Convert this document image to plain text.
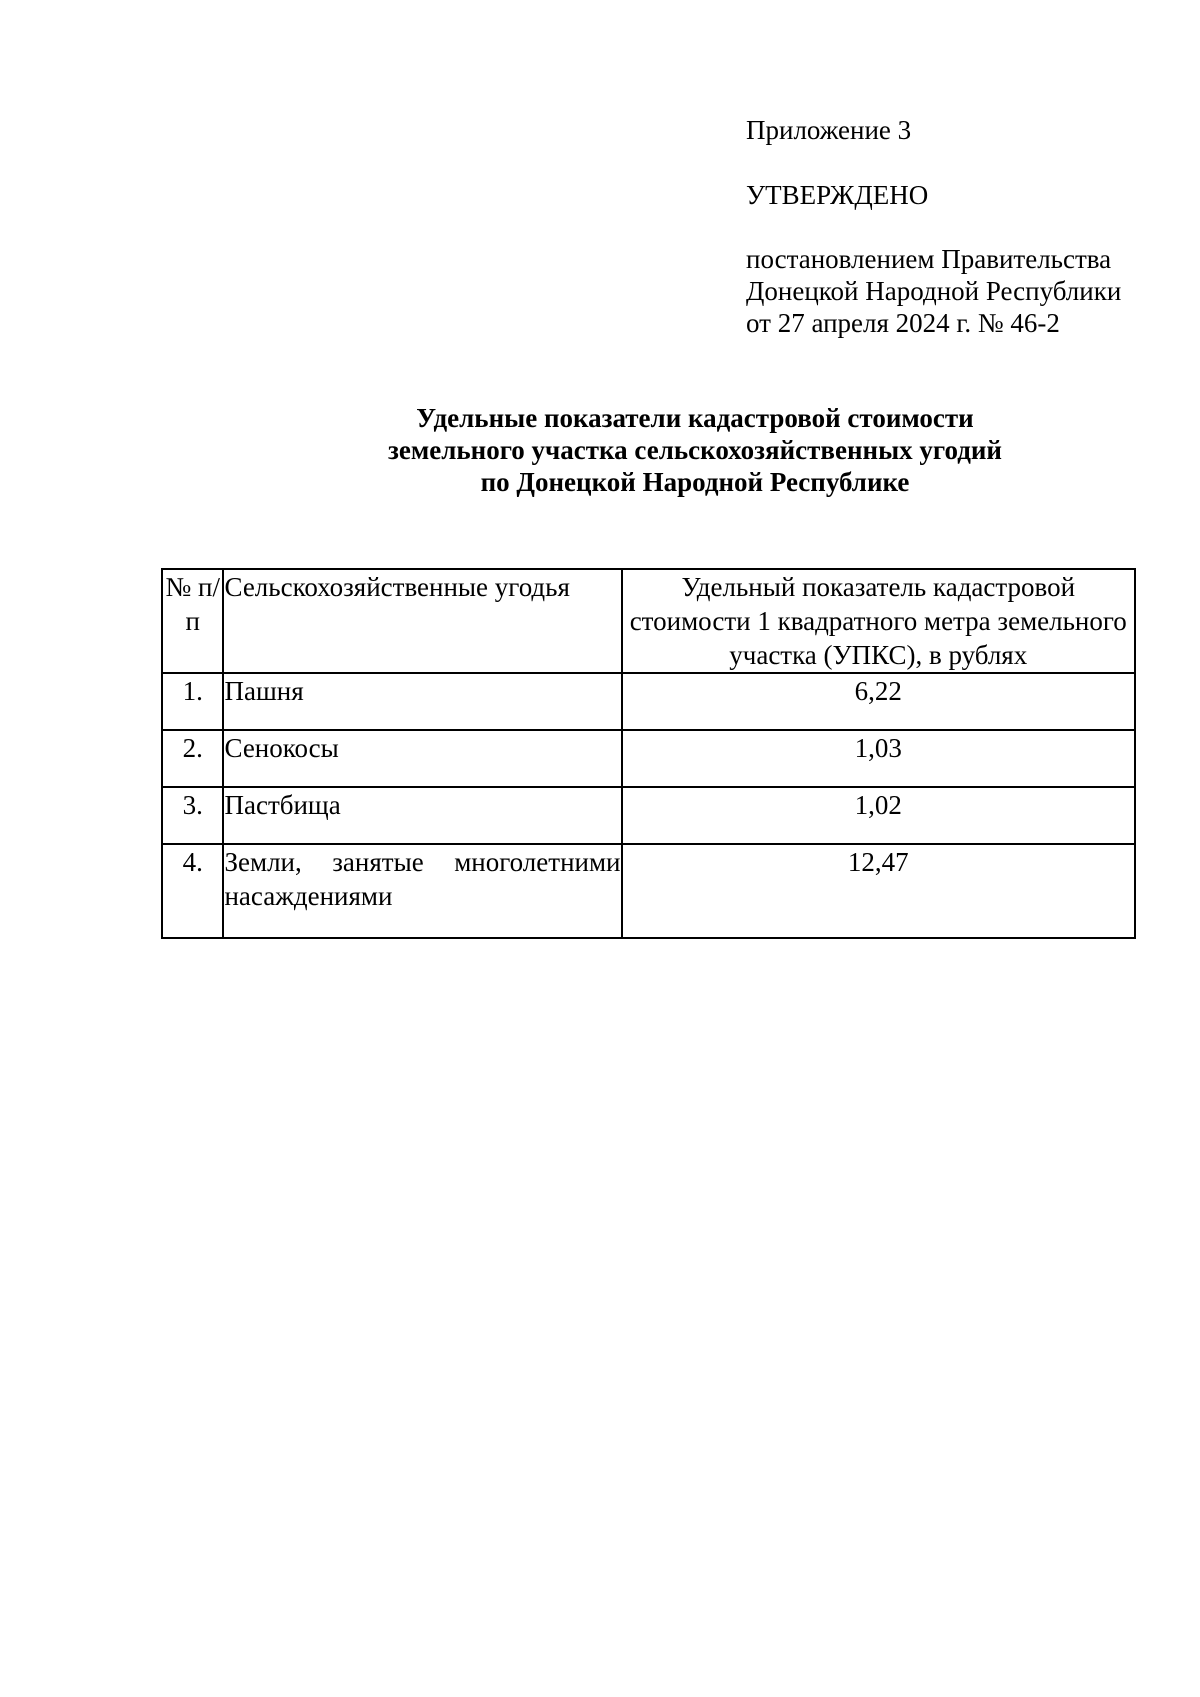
Приложение 3
УТВЕРЖДЕНО
постановлением Правительства
Донецкой Народной Республики
от 27 апреля 2024 г. № 46-2
Удельные показатели кадастровой стоимости
земельного участка сельскохозяйственных угодий
по Донецкой Народной Республике
№ п/п	Сельскохозяйственные угодья	Удельный показатель кадастровой стоимости 1 квадратного метра земельного участка (УПКС), в рублях
1.	Пашня	6,22
2.	Сенокосы	1,03
3.	Пастбища	1,02
4.	Земли, занятые многолетними насаждениями	12,47
